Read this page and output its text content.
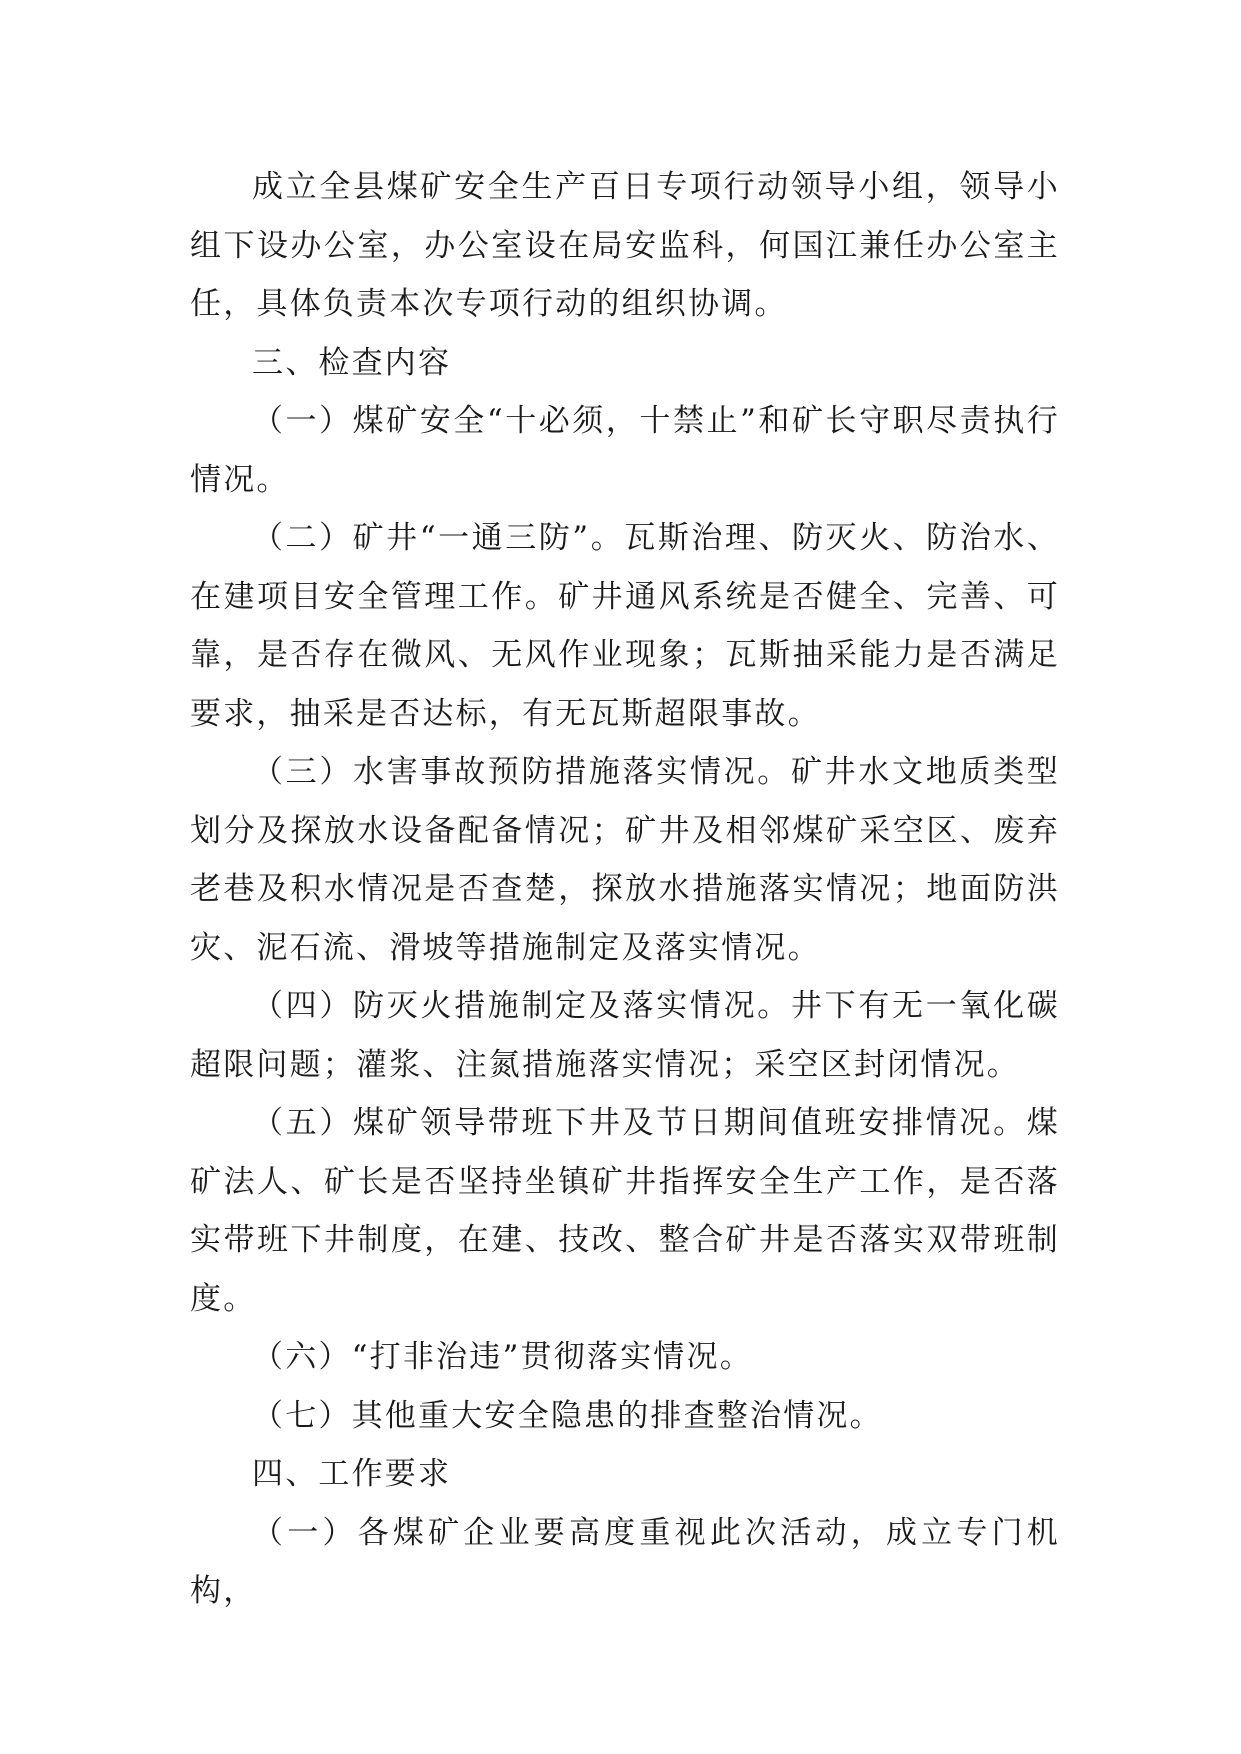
成立全县煤矿安全生产百日专项行动领导小组，领导小组下设办公室，办公室设在局安监科，何国江兼任办公室主任，具体负责本次专项行动的组织协调。

三、检查内容

（一）煤矿安全“十必须，十禁止”和矿长守职尽责执行情况。

（二）矿井“一通三防”。瓦斯治理、防灭火、防治水、在建项目安全管理工作。矿井通风系统是否健全、完善、可靠，是否存在微风、无风作业现象；瓦斯抽采能力是否满足要求，抽采是否达标，有无瓦斯超限事故。

（三）水害事故预防措施落实情况。矿井水文地质类型划分及探放水设备配备情况；矿井及相邻煤矿采空区、废弃老巷及积水情况是否查楚，探放水措施落实情况；地面防洪灾、泥石流、滑坡等措施制定及落实情况。

（四）防灭火措施制定及落实情况。井下有无一氧化碳超限问题；灌浆、注氮措施落实情况；采空区封闭情况。

（五）煤矿领导带班下井及节日期间值班安排情况。煤矿法人、矿长是否坚持坐镇矿井指挥安全生产工作，是否落实带班下井制度，在建、技改、整合矿井是否落实双带班制度。

（六）“打非治违”贯彻落实情况。

（七）其他重大安全隐患的排查整治情况。

四、工作要求

（一）各煤矿企业要高度重视此次活动，成立专门机构，
